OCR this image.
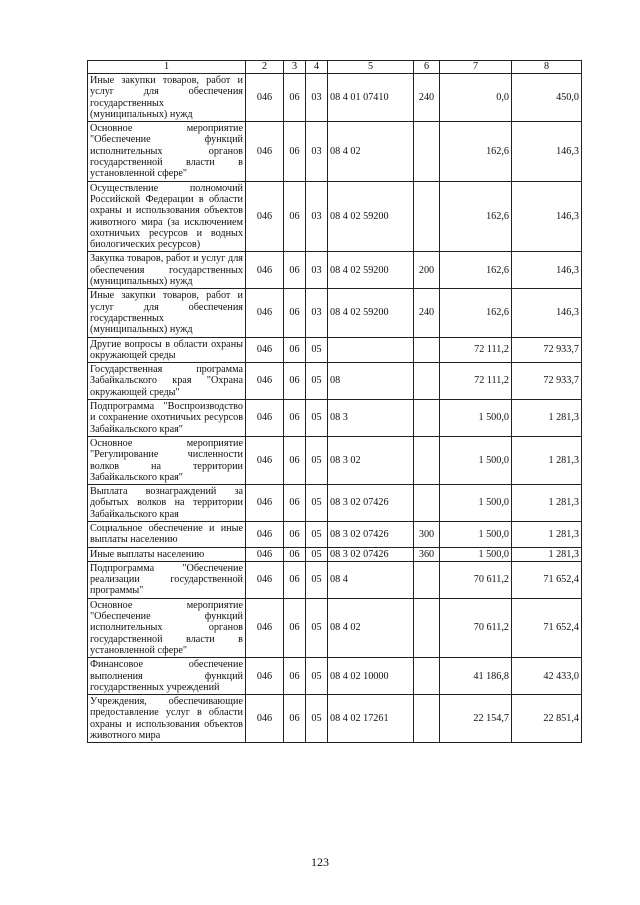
1	2	3	4	5	6	7	8
Иные закупки товаров, работ и услуг для обеспечения государственных (муниципальных) нужд	046	06	03	08 4 01 07410	240	0,0	450,0
Основное мероприятие "Обеспечение функций исполнительных органов государственной власти в установленной сфере"	046	06	03	08 4 02		162,6	146,3
Осуществление полномочий Российской Федерации в области охраны и использования объектов животного мира (за исключением охотничьих ресурсов и водных биологических ресурсов)	046	06	03	08 4 02 59200		162,6	146,3
Закупка товаров, работ и услуг для обеспечения государственных (муниципальных) нужд	046	06	03	08 4 02 59200	200	162,6	146,3
Иные закупки товаров, работ и услуг для обеспечения государственных (муниципальных) нужд	046	06	03	08 4 02 59200	240	162,6	146,3
Другие вопросы в области охраны окружающей среды	046	06	05			72 111,2	72 933,7
Государственная программа Забайкальского края "Охрана окружающей среды"	046	06	05	08		72 111,2	72 933,7
Подпрограмма "Воспроизводство и сохранение охотничьих ресурсов Забайкальского края"	046	06	05	08 3		1 500,0	1 281,3
Основное мероприятие "Регулирование численности волков на территории Забайкальского края"	046	06	05	08 3 02		1 500,0	1 281,3
Выплата вознаграждений за добытых волков на территории Забайкальского края	046	06	05	08 3 02 07426		1 500,0	1 281,3
Социальное обеспечение и иные выплаты населению	046	06	05	08 3 02 07426	300	1 500,0	1 281,3
Иные выплаты населению	046	06	05	08 3 02 07426	360	1 500,0	1 281,3
Подпрограмма "Обеспечение реализации государственной программы"	046	06	05	08 4		70 611,2	71 652,4
Основное мероприятие "Обеспечение функций исполнительных органов государственной власти в установленной сфере"	046	06	05	08 4 02		70 611,2	71 652,4
Финансовое обеспечение выполнения функций государственных учреждений	046	06	05	08 4 02 10000		41 186,8	42 433,0
Учреждения, обеспечивающие предоставление услуг в области охраны и использования объектов животного мира	046	06	05	08 4 02 17261		22 154,7	22 851,4
123
